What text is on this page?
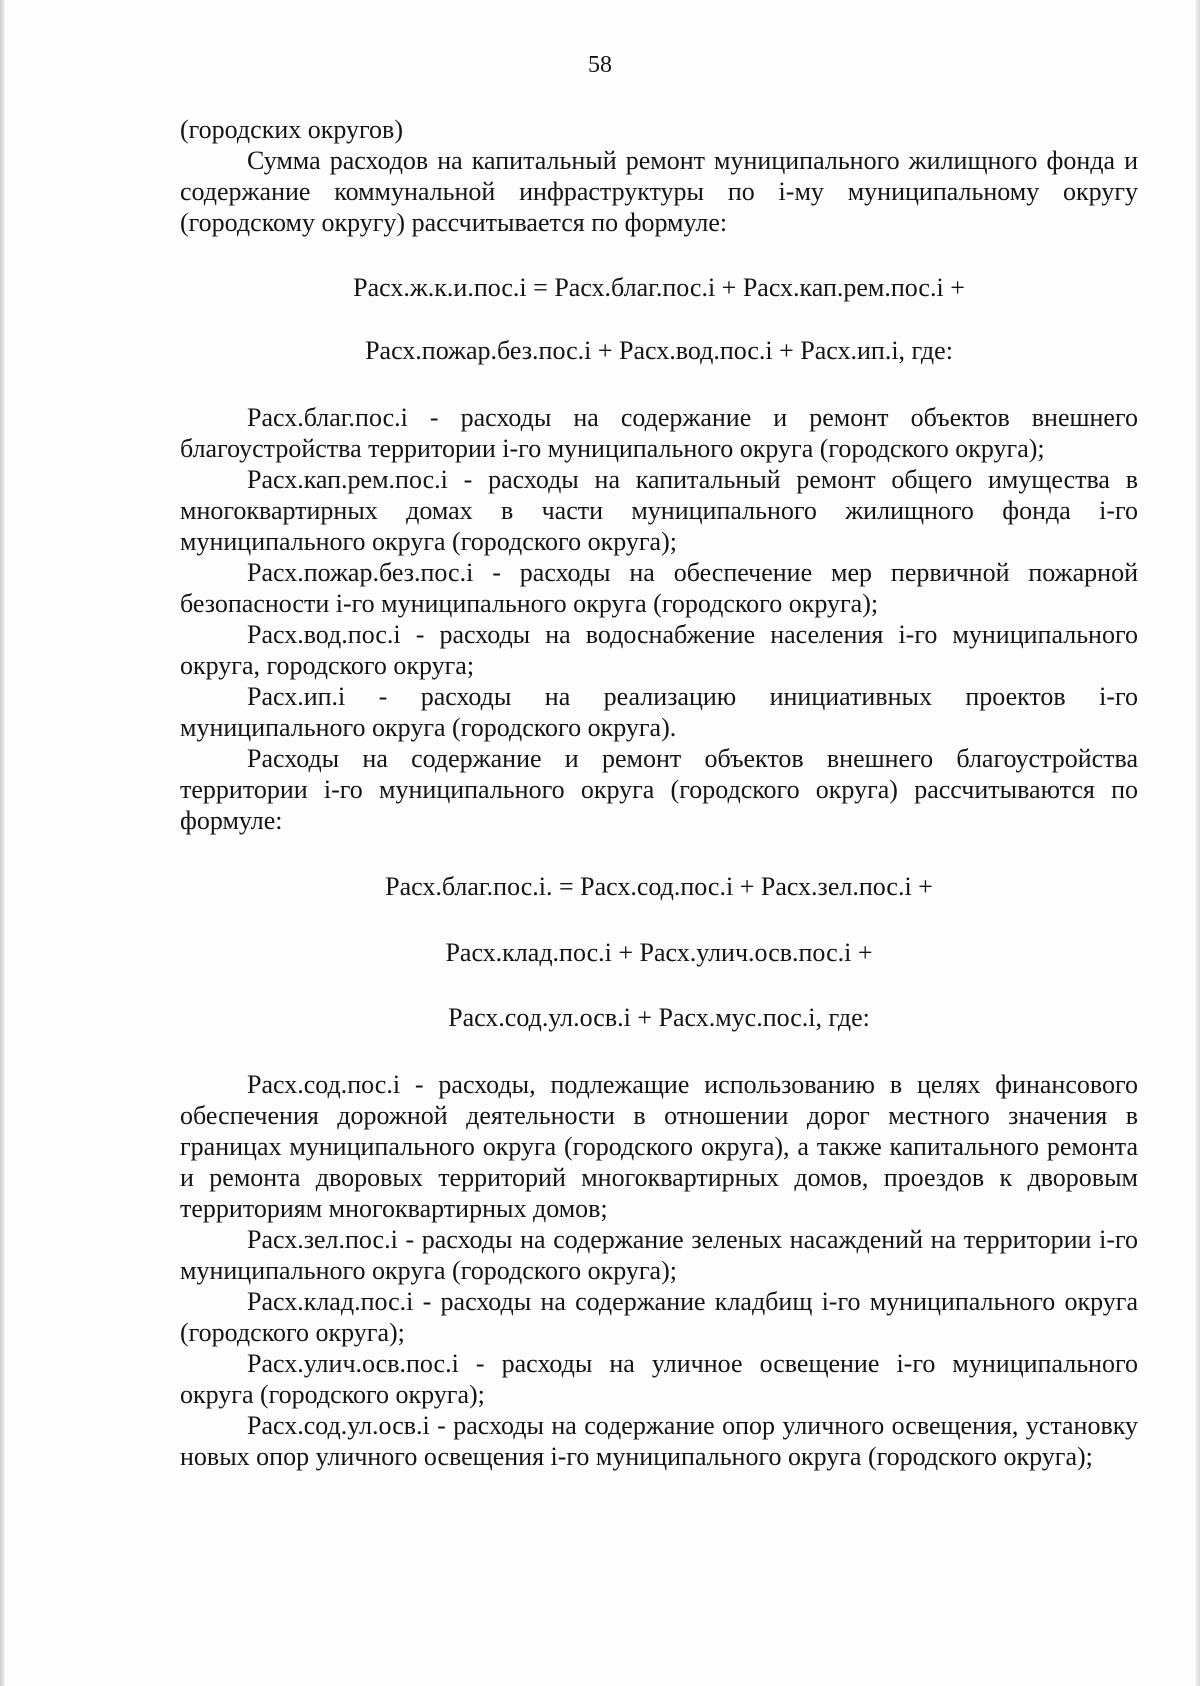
58

(городских округов)

Сумма расходов на капитальный ремонт муниципального жилищного фонда и содержание коммунальной инфраструктуры по i-му муниципальному округу (городскому округу) рассчитывается по формуле:

Расх.ж.к.и.пос.i = Расх.благ.пос.i + Расх.кап.рем.пос.i +

Расх.пожар.без.пос.i + Расх.вод.пос.i + Расх.ип.i, где:

Расх.благ.пос.i - расходы на содержание и ремонт объектов внешнего благоустройства территории i-го муниципального округа (городского округа);

Расх.кап.рем.пос.i - расходы на капитальный ремонт общего имущества в многоквартирных домах в части муниципального жилищного фонда i-го муниципального округа (городского округа);

Расх.пожар.без.пос.i - расходы на обеспечение мер первичной пожарной безопасности i-го муниципального округа (городского округа);

Расх.вод.пос.i - расходы на водоснабжение населения i-го муниципального округа, городского округа;

Расх.ип.i - расходы на реализацию инициативных проектов i-го муниципального округа (городского округа).

Расходы на содержание и ремонт объектов внешнего благоустройства территории i-го муниципального округа (городского округа) рассчитываются по формуле:

Расх.благ.пос.i. = Расх.сод.пос.i + Расх.зел.пос.i +

Расх.клад.пос.i + Расх.улич.осв.пос.i +

Расх.сод.ул.осв.i + Расх.мус.пос.i, где:

Расх.сод.пос.i - расходы, подлежащие использованию в целях финансового обеспечения дорожной деятельности в отношении дорог местного значения в границах муниципального округа (городского округа), а также капитального ремонта и ремонта дворовых территорий многоквартирных домов, проездов к дворовым территориям многоквартирных домов;

Расх.зел.пос.i - расходы на содержание зеленых насаждений на территории i-го муниципального округа (городского округа);

Расх.клад.пос.i - расходы на содержание кладбищ i-го муниципального округа (городского округа);

Расх.улич.осв.пос.i - расходы на уличное освещение i-го муниципального округа (городского округа);

Расх.сод.ул.осв.i - расходы на содержание опор уличного освещения, установку новых опор уличного освещения i-го муниципального округа (городского округа);
